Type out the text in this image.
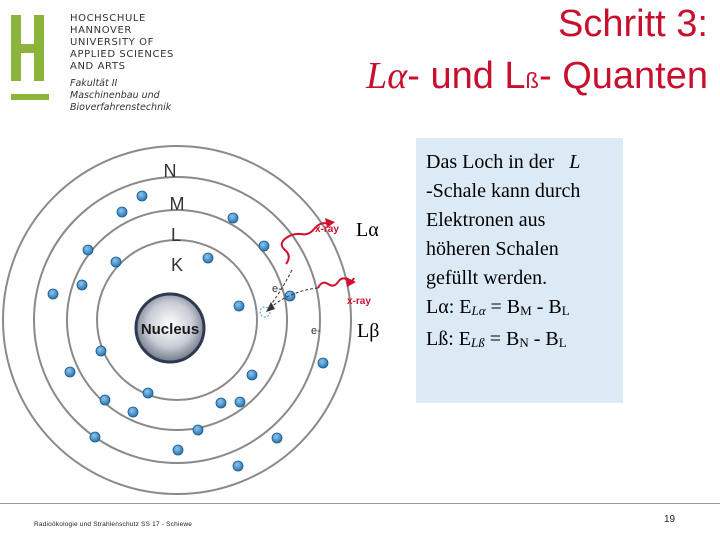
HOCHSCHULE
HANNOVER
UNIVERSITY OF
APPLIED SCIENCES
AND ARTS
Fakultät II
Maschinenbau und
Bioverfahrenstechnik
Schritt 3:
Lα- und Lß- Quanten
Nucleus
N
M
L
K
e-
e-
x-ray
x-ray
Lα
Lβ
Das Loch in der L
-Schale kann durch
Elektronen aus
höheren Schalen
gefüllt werden.
Lα: $E_{L\alpha} = B_M - B_L$
Lß: $E_{Lß} = B_N - B_L$
Radioökologie und Strahlenschutz SS 17 - Schiewe	19
